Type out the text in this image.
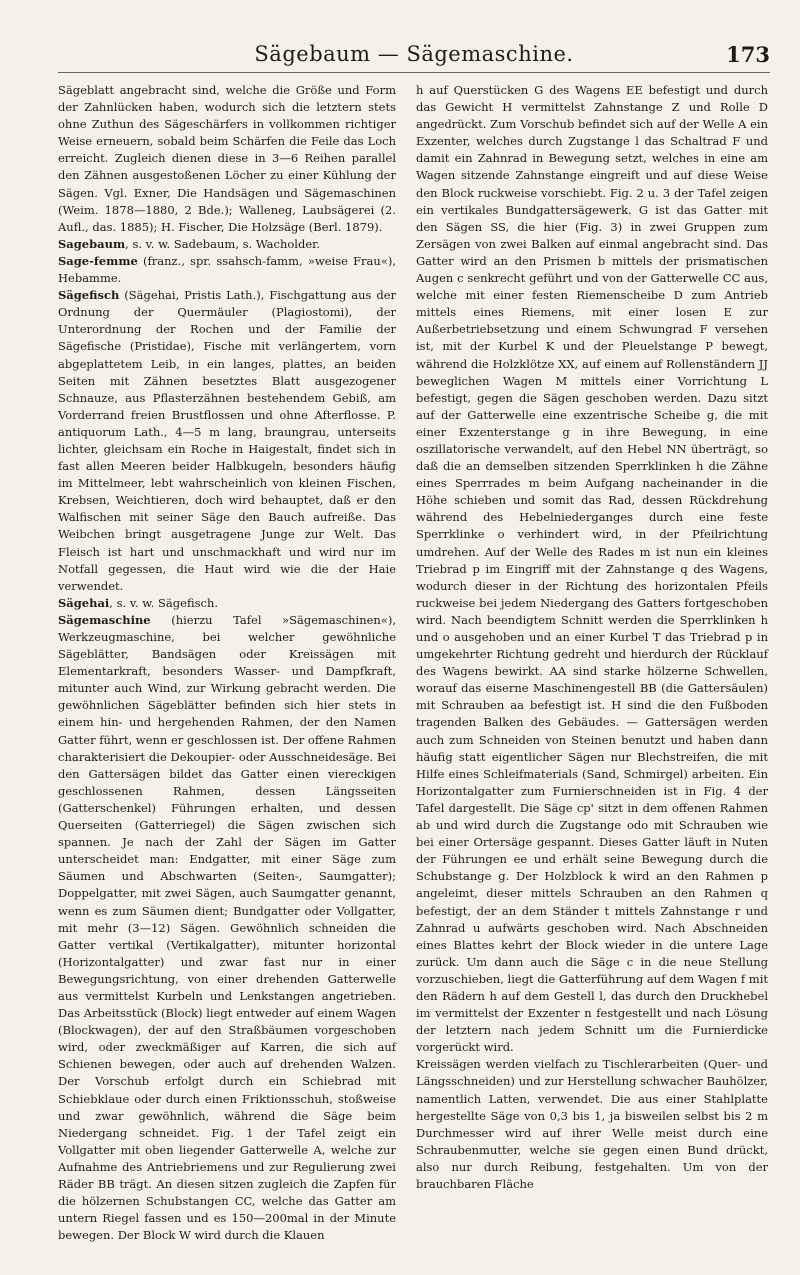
Sägebaum — Sägemaschine.	173

Sägeblatt angebracht sind, welche die Größe und Form der Zahnlücken haben, wodurch sich die letztern stets ohne Zuthun des Sägeschärfers in vollkommen richtiger Weise erneuern, sobald beim Schärfen die Feile das Loch erreicht. Zugleich dienen diese in 3—6 Reihen parallel den Zähnen ausgestoßenen Löcher zu einer Kühlung der Sägen. Vgl. Exner, Die Handsägen und Sägemaschinen (Weim. 1878—1880, 2 Bde.); Walleneg, Laubsägerei (2. Aufl., das. 1885); H. Fischer, Die Holzsäge (Berl. 1879).

Sagebaum, s. v. w. Sadebaum, s. Wacholder.

Sage-femme (franz., spr. ssahsch-famm, »weise Frau«), Hebamme.

Sägefisch (Sägehai, Pristis Lath.), Fischgattung aus der Ordnung der Quermäuler (Plagiostomi), der Unterordnung der Rochen und der Familie der Sägefische (Pristidae), Fische mit verlängertem, vorn abgeplattetem Leib, in ein langes, plattes, an beiden Seiten mit Zähnen besetztes Blatt ausgezogener Schnauze, aus Pflasterzähnen bestehendem Gebiß, am Vorderrand freien Brustflossen und ohne Afterflosse. P. antiquorum Lath., 4—5 m lang, braungrau, unterseits lichter, gleichsam ein Roche in Haigestalt, findet sich in fast allen Meeren beider Halbkugeln, besonders häufig im Mittelmeer, lebt wahrscheinlich von kleinen Fischen, Krebsen, Weichtieren, doch wird behauptet, daß er den Walfischen mit seiner Säge den Bauch aufreiße. Das Weibchen bringt ausgetragene Junge zur Welt. Das Fleisch ist hart und unschmackhaft und wird nur im Notfall gegessen, die Haut wird wie die der Haie verwendet.

Sägehai, s. v. w. Sägefisch.

Sägemaschine (hierzu Tafel »Sägemaschinen«), Werkzeugmaschine, bei welcher gewöhnliche Sägeblätter, Bandsägen oder Kreissägen mit Elementarkraft, besonders Wasser- und Dampfkraft, mitunter auch Wind, zur Wirkung gebracht werden. Die gewöhnlichen Sägeblätter befinden sich hier stets in einem hin- und hergehenden Rahmen, der den Namen Gatter führt, wenn er geschlossen ist. Der offene Rahmen charakterisiert die Dekoupier- oder Ausschneidesäge. Bei den Gattersägen bildet das Gatter einen viereckigen geschlossenen Rahmen, dessen Längsseiten (Gatterschenkel) Führungen erhalten, und dessen Querseiten (Gatterriegel) die Sägen zwischen sich spannen. Je nach der Zahl der Sägen im Gatter unterscheidet man: Endgatter, mit einer Säge zum Säumen und Abschwarten (Seiten-, Saumgatter); Doppelgatter, mit zwei Sägen, auch Saumgatter genannt, wenn es zum Säumen dient; Bundgatter oder Vollgatter, mit mehr (3—12) Sägen. Gewöhnlich schneiden die Gatter vertikal (Vertikalgatter), mitunter horizontal (Horizontalgatter) und zwar fast nur in einer Bewegungsrichtung, von einer drehenden Gatterwelle aus vermittelst Kurbeln und Lenkstangen angetrieben. Das Arbeitsstück (Block) liegt entweder auf einem Wagen (Blockwagen), der auf den Straßbäumen vorgeschoben wird, oder zweckmäßiger auf Karren, die sich auf Schienen bewegen, oder auch auf drehenden Walzen. Der Vorschub erfolgt durch ein Schiebrad mit Schiebklaue oder durch einen Friktionsschuh, stoßweise und zwar gewöhnlich, während die Säge beim Niedergang schneidet. Fig. 1 der Tafel zeigt ein Vollgatter mit oben liegender Gatterwelle A, welche zur Aufnahme des Antriebriemens und zur Regulierung zwei Räder BB trägt. An diesen sitzen zugleich die Zapfen für die hölzernen Schubstangen CC, welche das Gatter am untern Riegel fassen und es 150—200mal in der Minute bewegen. Der Block W wird durch die Klauen

h auf Querstücken G des Wagens EE befestigt und durch das Gewicht H vermittelst Zahnstange Z und Rolle D angedrückt. Zum Vorschub befindet sich auf der Welle A ein Exzenter, welches durch Zugstange l das Schaltrad F und damit ein Zahnrad in Bewegung setzt, welches in eine am Wagen sitzende Zahnstange eingreift und auf diese Weise den Block ruckweise vorschiebt. Fig. 2 u. 3 der Tafel zeigen ein vertikales Bundgattersägewerk. G ist das Gatter mit den Sägen SS, die hier (Fig. 3) in zwei Gruppen zum Zersägen von zwei Balken auf einmal angebracht sind. Das Gatter wird an den Prismen b mittels der prismatischen Augen c senkrecht geführt und von der Gatterwelle CC aus, welche mit einer festen Riemenscheibe D zum Antrieb mittels eines Riemens, mit einer losen E zur Außerbetriebsetzung und einem Schwungrad F versehen ist, mit der Kurbel K und der Pleuelstange P bewegt, während die Holzklötze XX, auf einem auf Rollenständern JJ beweglichen Wagen M mittels einer Vorrichtung L befestigt, gegen die Sägen geschoben werden. Dazu sitzt auf der Gatterwelle eine exzentrische Scheibe g, die mit einer Exzenterstange g in ihre Bewegung, in eine oszillatorische verwandelt, auf den Hebel NN überträgt, so daß die an demselben sitzenden Sperrklinken h die Zähne eines Sperrrades m beim Aufgang nacheinander in die Höhe schieben und somit das Rad, dessen Rückdrehung während des Hebelniederganges durch eine feste Sperrklinke o verhindert wird, in der Pfeilrichtung umdrehen. Auf der Welle des Rades m ist nun ein kleines Triebrad p im Eingriff mit der Zahnstange q des Wagens, wodurch dieser in der Richtung des horizontalen Pfeils ruckweise bei jedem Niedergang des Gatters fortgeschoben wird. Nach beendigtem Schnitt werden die Sperrklinken h und o ausgehoben und an einer Kurbel T das Triebrad p in umgekehrter Richtung gedreht und hierdurch der Rücklauf des Wagens bewirkt. AA sind starke hölzerne Schwellen, worauf das eiserne Maschinengestell BB (die Gattersäulen) mit Schrauben aa befestigt ist. H sind die den Fußboden tragenden Balken des Gebäudes. — Gattersägen werden auch zum Schneiden von Steinen benutzt und haben dann häufig statt eigentlicher Sägen nur Blechstreifen, die mit Hilfe eines Schleifmaterials (Sand, Schmirgel) arbeiten. Ein Horizontalgatter zum Furnierschneiden ist in Fig. 4 der Tafel dargestellt. Die Säge cp' sitzt in dem offenen Rahmen ab und wird durch die Zugstange odo mit Schrauben wie bei einer Ortersäge gespannt. Dieses Gatter läuft in Nuten der Führungen ee und erhält seine Bewegung durch die Schubstange g. Der Holzblock k wird an den Rahmen p angeleimt, dieser mittels Schrauben an den Rahmen q befestigt, der an dem Ständer t mittels Zahnstange r und Zahnrad u aufwärts geschoben wird. Nach Abschneiden eines Blattes kehrt der Block wieder in die untere Lage zurück. Um dann auch die Säge c in die neue Stellung vorzuschieben, liegt die Gatterführung auf dem Wagen f mit den Rädern h auf dem Gestell l, das durch den Druckhebel im vermittelst der Exzenter n festgestellt und nach Lösung der letztern nach jedem Schnitt um die Furnierdicke vorgerückt wird.

Kreissägen werden vielfach zu Tischlerarbeiten (Quer- und Längsschneiden) und zur Herstellung schwacher Bauhölzer, namentlich Latten, verwendet. Die aus einer Stahlplatte hergestellte Säge von 0,3 bis 1, ja bisweilen selbst bis 2 m Durchmesser wird auf ihrer Welle meist durch eine Schraubenmutter, welche sie gegen einen Bund drückt, also nur durch Reibung, festgehalten. Um von der brauchbaren Fläche
